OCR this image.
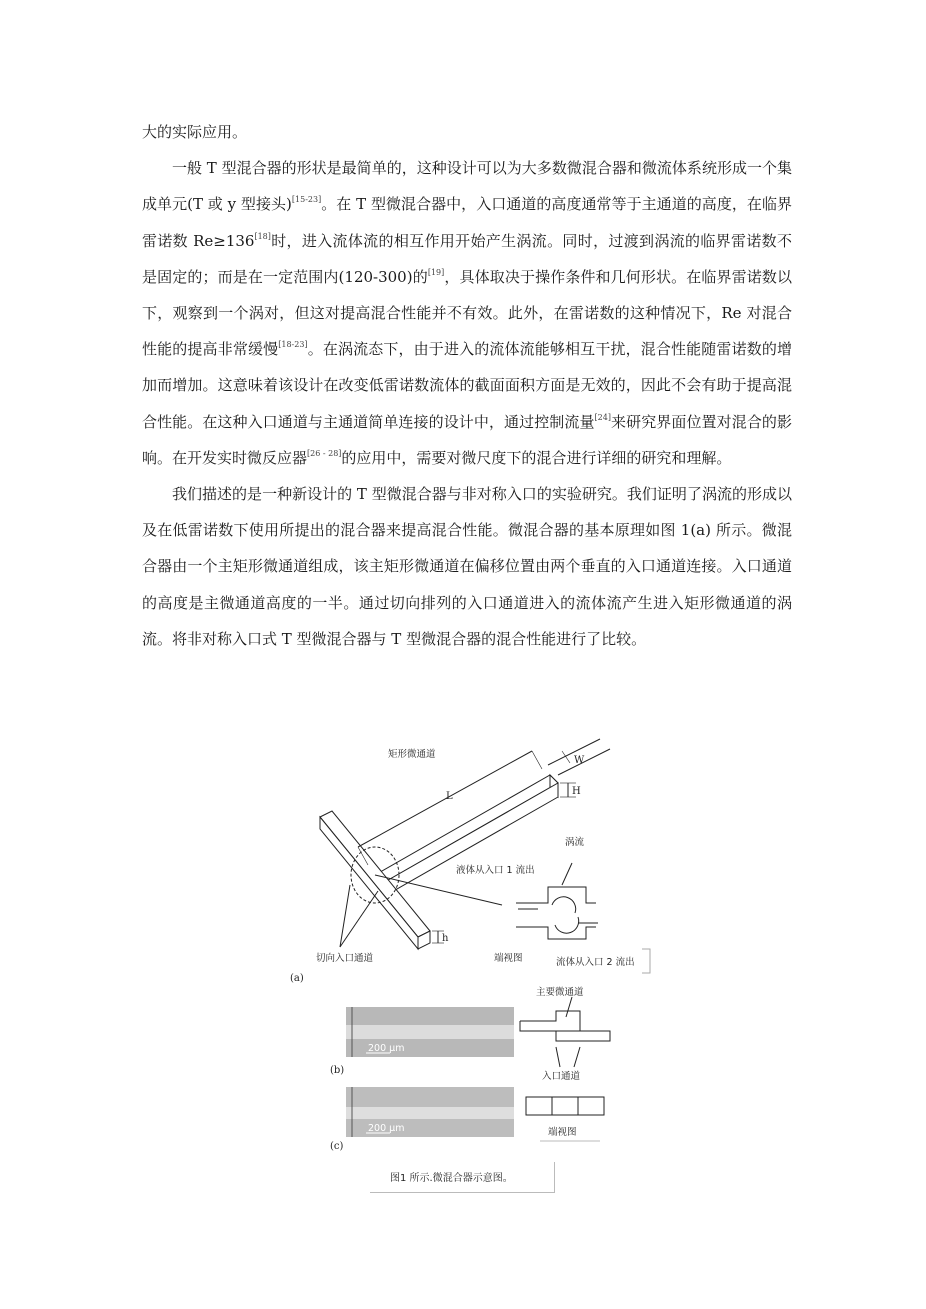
大的实际应用。

一般 T 型混合器的形状是最简单的，这种设计可以为大多数微混合器和微流体系统形成一个集成单元(T 或 y 型接头)[15-23]。在 T 型微混合器中，入口通道的高度通常等于主通道的高度，在临界雷诺数 Re≥136[18]时，进入流体流的相互作用开始产生涡流。同时，过渡到涡流的临界雷诺数不是固定的；而是在一定范围内(120-300)的[19]，具体取决于操作条件和几何形状。在临界雷诺数以下，观察到一个涡对，但这对提高混合性能并不有效。此外，在雷诺数的这种情况下，Re 对混合性能的提高非常缓慢[18-23]。在涡流态下，由于进入的流体流能够相互干扰，混合性能随雷诺数的增加而增加。这意味着该设计在改变低雷诺数流体的截面面积方面是无效的，因此不会有助于提高混合性能。在这种入口通道与主通道简单连接的设计中，通过控制流量[24]来研究界面位置对混合的影响。在开发实时微反应器[26 - 28]的应用中，需要对微尺度下的混合进行详细的研究和理解。

我们描述的是一种新设计的 T 型微混合器与非对称入口的实验研究。我们证明了涡流的形成以及在低雷诺数下使用所提出的混合器来提高混合性能。微混合器的基本原理如图 1(a) 所示。微混合器由一个主矩形微通道组成，该主矩形微通道在偏移位置由两个垂直的入口通道连接。入口通道的高度是主微通道高度的一半。通过切向排列的入口通道进入的流体流产生进入矩形微通道的涡流。将非对称入口式 T 型微混合器与 T 型微混合器的混合性能进行了比较。

矩形微通道
L
W
H
h
涡流
液体从入口 1 流出
切向入口通道	端视图	流体从入口 2 流出
(a)
200 μm
(b)
主要微通道
入口通道
200 μm
(c)
端视图
图1 所示.微混合器示意图。
